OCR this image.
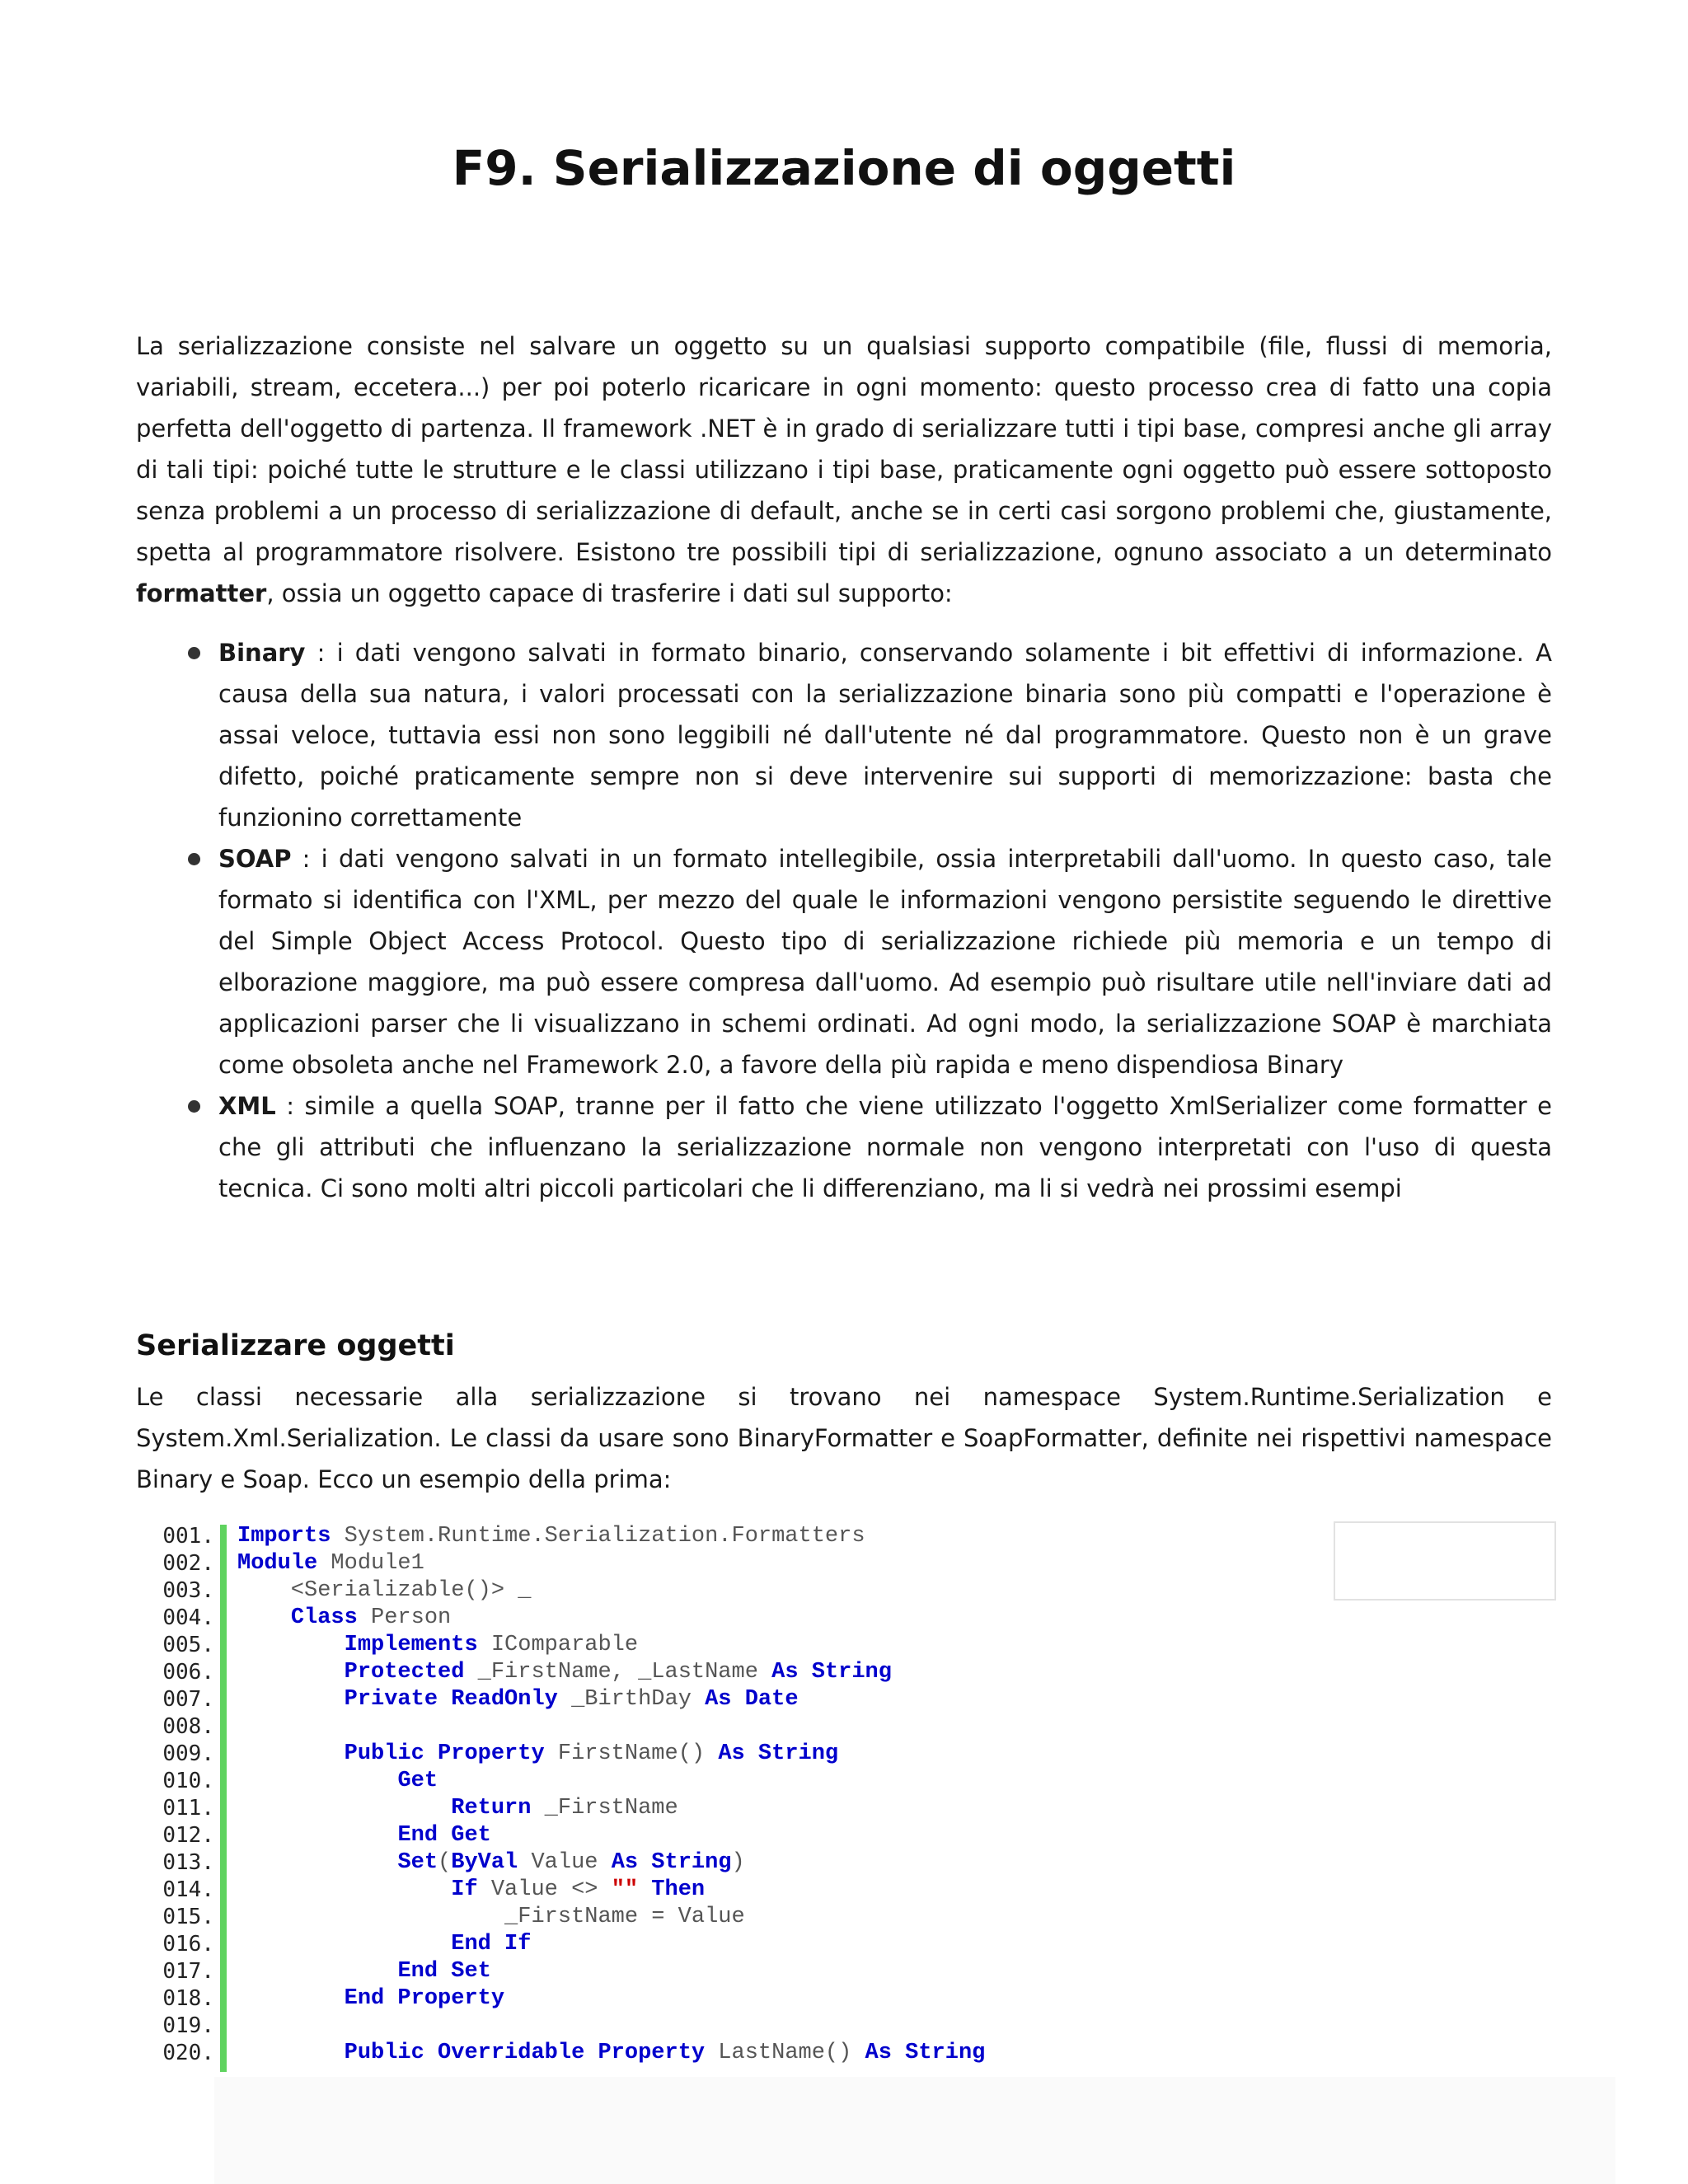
F9. Serializzazione di oggetti

La serializzazione consiste nel salvare un oggetto su un qualsiasi supporto compatibile (file, flussi di memoria, variabili, stream, eccetera...) per poi poterlo ricaricare in ogni momento: questo processo crea di fatto una copia perfetta dell'oggetto di partenza. Il framework .NET è in grado di serializzare tutti i tipi base, compresi anche gli array di tali tipi: poiché tutte le strutture e le classi utilizzano i tipi base, praticamente ogni oggetto può essere sottoposto senza problemi a un processo di serializzazione di default, anche se in certi casi sorgono problemi che, giustamente, spetta al programmatore risolvere. Esistono tre possibili tipi di serializzazione, ognuno associato a un determinato formatter, ossia un oggetto capace di trasferire i dati sul supporto:

Binary : i dati vengono salvati in formato binario, conservando solamente i bit effettivi di informazione. A causa della sua natura, i valori processati con la serializzazione binaria sono più compatti e l'operazione è assai veloce, tuttavia essi non sono leggibili né dall'utente né dal programmatore. Questo non è un grave difetto, poiché praticamente sempre non si deve intervenire sui supporti di memorizzazione: basta che funzionino correttamente
SOAP : i dati vengono salvati in un formato intellegibile, ossia interpretabili dall'uomo. In questo caso, tale formato si identifica con l'XML, per mezzo del quale le informazioni vengono persistite seguendo le direttive del Simple Object Access Protocol. Questo tipo di serializzazione richiede più memoria e un tempo di elborazione maggiore, ma può essere compresa dall'uomo. Ad esempio può risultare utile nell'inviare dati ad applicazioni parser che li visualizzano in schemi ordinati. Ad ogni modo, la serializzazione SOAP è marchiata come obsoleta anche nel Framework 2.0, a favore della più rapida e meno dispendiosa Binary
XML : simile a quella SOAP, tranne per il fatto che viene utilizzato l'oggetto XmlSerializer come formatter e che gli attributi che influenzano la serializzazione normale non vengono interpretati con l'uso di questa tecnica. Ci sono molti altri piccoli particolari che li differenziano, ma li si vedrà nei prossimi esempi
Serializzare oggetti

Le classi necessarie alla serializzazione si trovano nei namespace System.Runtime.Serialization e System.Xml.Serialization. Le classi da usare sono BinaryFormatter e SoapFormatter, definite nei rispettivi namespace Binary e Soap. Ecco un esempio della prima:

001.
002.
003.
004.
005.
006.
007.
008.
009.
010.
011.
012.
013.
014.
015.
016.
017.
018.
019.
020.
Imports System.Runtime.Serialization.Formatters
Module Module1
<Serializable()> _
Class Person
Implements IComparable
Protected _FirstName, _LastName As String
Private ReadOnly _BirthDay As Date

Public Property FirstName() As String
Get
Return _FirstName
End Get
Set(ByVal Value As String)
If Value <> "" Then
_FirstName = Value
End If
End Set
End Property

Public Overridable Property LastName() As String
